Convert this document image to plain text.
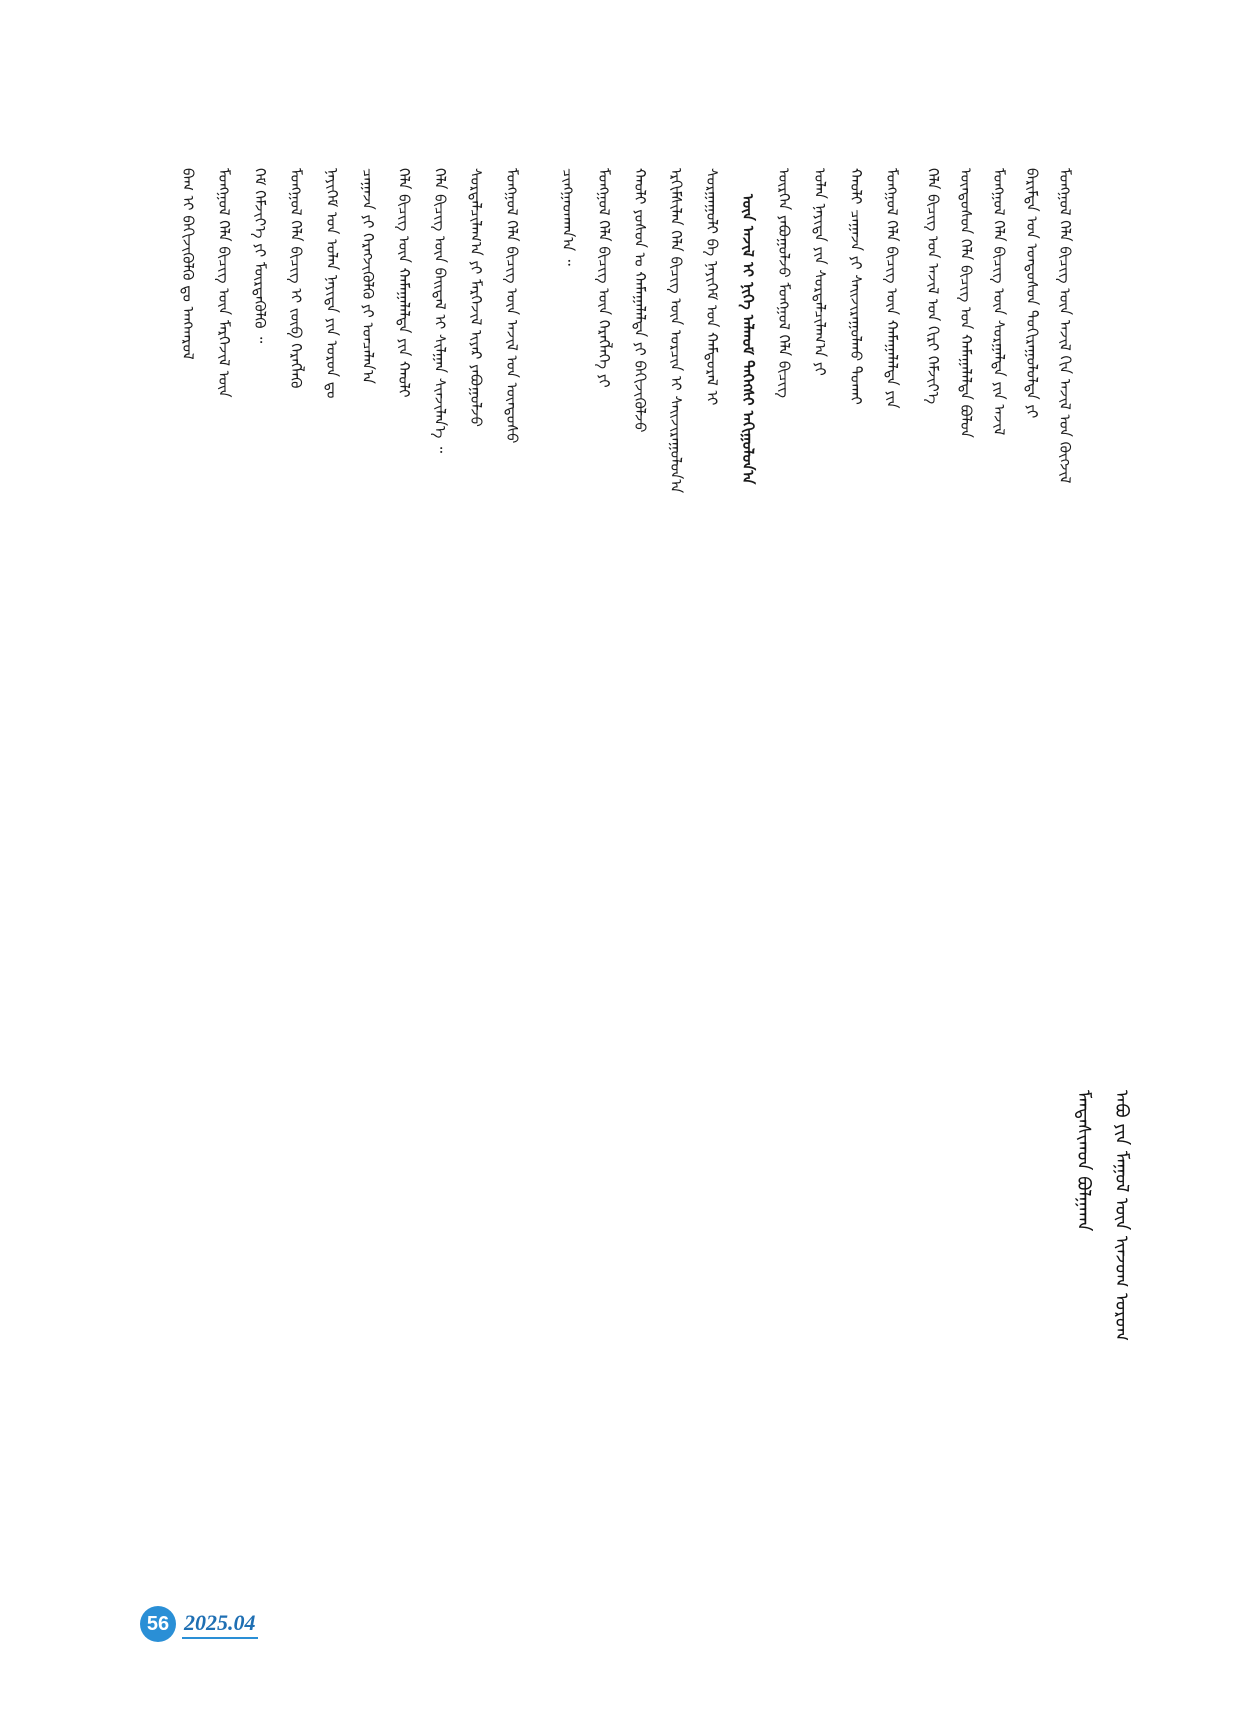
ᠠᠪᠤ ᠶᠢᠨ ᠮᠠᠭᠤᠯ ᠦᠨ ᠢᠨᠵᠤᠭ ᠤᠷᠤᠭ
ᠮᠠᠨᠲᠠᠰᠢᠬᠤᠨ ᠪᠤᠯᠭᠠᠬᠠ
ᠮᠣᠩᠭᠣᠯ ᠬᠡᠯᠡ ᠪᠢᠴᠢᠭ ᠦᠨ ᠠᠵᠢᠯ ᠬᠢᠨ ᠠᠵᠢᠯ ᠤᠨ ᠬᠥᠭᠵᠢᠯ
ᠪᠠᠷᠢᠮᠲᠠ ᠤᠨ ᠤᠨᠳᠤᠰᠤᠨ ᠲᠣᠬᠢᠷᠠᠭᠤᠯᠤᠯᠲᠠ ᠶᠢ
ᠮᠣᠩᠭᠣᠯ ᠬᠡᠯᠡ ᠪᠢᠴᠢᠭ ᠦᠨ ᠰᠤᠷᠭᠠᠯᠲᠠ ᠶᠢᠨ ᠠᠵᠢᠯ
ᠦᠨᠳᠦᠰᠦᠨ ᠬᠡᠯᠡ ᠪᠢᠴᠢᠭ ᠤᠨ ᠬᠠᠮᠠᠭᠠᠯᠠᠯᠲᠠ ᠪᠣᠯᠤᠨ
ᠬᠡᠯᠡ ᠪᠢᠴᠢᠭ ᠤᠨ ᠠᠵᠢᠯ ᠤᠨ ᠬᠢᠷᠢ ᠬᠡᠮᠵᠢᠶ᠎ᠡ
ᠮᠣᠩᠭᠣᠯ ᠬᠡᠯᠡ ᠪᠢᠴᠢᠭ ᠦᠨ ᠬᠠᠮᠠᠭᠠᠯᠠᠯᠲᠠ ᠶᠢᠨ
ᠬᠠᠤᠯᠢ ᠴᠠᠭᠠᠵᠠ ᠶᠢ ᠰᠠᠢᠵᠢᠷᠠᠭᠤᠯᠬᠤ ᠲᠤᠬᠠᠢ
ᠣᠯᠠᠨ ᠨᠡᠶᠢᠲᠡ ᠶᠢᠨ ᠰᠤᠷᠲᠠᠯᠴᠢᠯᠠᠭ᠎ᠠ ᠶᠢ
ᠥᠷᠭᠡᠨ ᠶᠠᠪᠤᠭᠤᠯᠵᠤ ᠮᠣᠩᠭᠣᠯ ᠬᠡᠯᠡ ᠪᠢᠴᠢᠭ
ᠦᠨ ᠠᠵᠢᠯ ᠢ ᠨᠢᠭᠡ ᠠᠯᠬᠤᠮ ᠳᠡᠭᠡᠭᠰᠢ ᠠᠬᠢᠭᠤᠯᠤᠨ᠎ᠠ
ᠰᠤᠷᠭᠠᠭᠤᠯᠢ ᠪᠠ ᠨᠡᠶᠢᠭᠡᠮ ᠤᠨ ᠬᠠᠮᠲᠤᠷᠠᠯ ᠢ
ᠡᠷᠬᠢᠮᠰᠢᠯᠡᠨ ᠬᠡᠯᠡ ᠪᠢᠴᠢᠭ ᠦᠨ ᠣᠷᠴᠢᠨ ᠢ ᠰᠠᠢᠵᠢᠷᠠᠭᠤᠯᠤᠨ᠎ᠠ
ᠬᠠᠤᠯᠢ ᠶᠣᠰᠣᠨ ᠤ ᠬᠠᠮᠠᠭᠠᠯᠠᠯᠲᠠ ᠶᠢ ᠪᠡᠬᠢᠵᠢᠭᠦᠯᠵᠦ
ᠮᠣᠩᠭᠣᠯ ᠬᠡᠯᠡ ᠪᠢᠴᠢᠭ ᠦᠨ ᠬᠡᠷᠡᠭᠯᠡᠭᠡ ᠶᠢ
ᠴᠢᠩᠭᠠᠳᠬᠠᠨ᠎ᠠ ᠃
ᠮᠣᠩᠭᠣᠯ ᠬᠡᠯᠡ ᠪᠢᠴᠢᠭ ᠦᠨ ᠠᠵᠢᠯ ᠤᠨ ᠦᠨᠳᠦᠰᠦ
ᠰᠤᠷᠲᠠᠯᠴᠢᠯᠠᠭ᠎ᠠ ᠶᠢ ᠮᠡᠷᠭᠡᠵᠢᠯ ᠢᠶᠠᠷ ᠶᠠᠪᠤᠭᠤᠯᠵᠤ
ᠬᠡᠯᠡ ᠪᠢᠴᠢᠭ ᠦᠨ ᠪᠠᠢᠳᠠᠯ ᠢ ᠰᠢᠯᠭᠠᠨ ᠰᠢᠨᠵᠢᠯᠡᠨ᠎ᠡ ᠃
ᠬᠡᠯᠡ ᠪᠢᠴᠢᠭ ᠦᠨ ᠬᠠᠮᠠᠭᠠᠯᠠᠯᠲᠠ ᠶᠢᠨ ᠬᠠᠤᠯᠢ
ᠴᠠᠭᠠᠵᠠ ᠶᠢ ᠬᠡᠷᠡᠭᠵᠢᠭᠦᠯᠬᠦ ᠶᠢ ᠣᠨᠴᠠᠯᠠᠨ᠎ᠠ
ᠨᠡᠶᠢᠭᠡᠮ ᠤᠨ ᠣᠯᠠᠨ ᠨᠡᠶᠢᠲᠡ ᠶᠢᠨ ᠣᠷᠤᠨ ᠳᠤ
ᠮᠣᠩᠭᠣᠯ ᠬᠡᠯᠡ ᠪᠢᠴᠢᠭ ᠢ ᠵᠥᠪ ᠬᠡᠷᠡᠭᠯᠡᠬᠦ
ᠬᠡᠮ ᠬᠡᠮᠵᠢᠶ᠎ᠡ ᠶᠢ ᠮᠦᠷᠳᠡᠭᠦᠯᠬᠦ ᠃
ᠮᠣᠩᠭᠣᠯ ᠬᠡᠯᠡ ᠪᠢᠴᠢᠭ ᠦᠨ ᠮᠡᠷᠭᠡᠵᠢᠯ ᠦᠨ
ᠪᠠᠭ ᠢ ᠪᠡᠬᠢᠵᠢᠭᠦᠯᠬᠦ ᠳᠤ ᠠᠩᠬᠠᠷᠤᠯ
56 2025.04
